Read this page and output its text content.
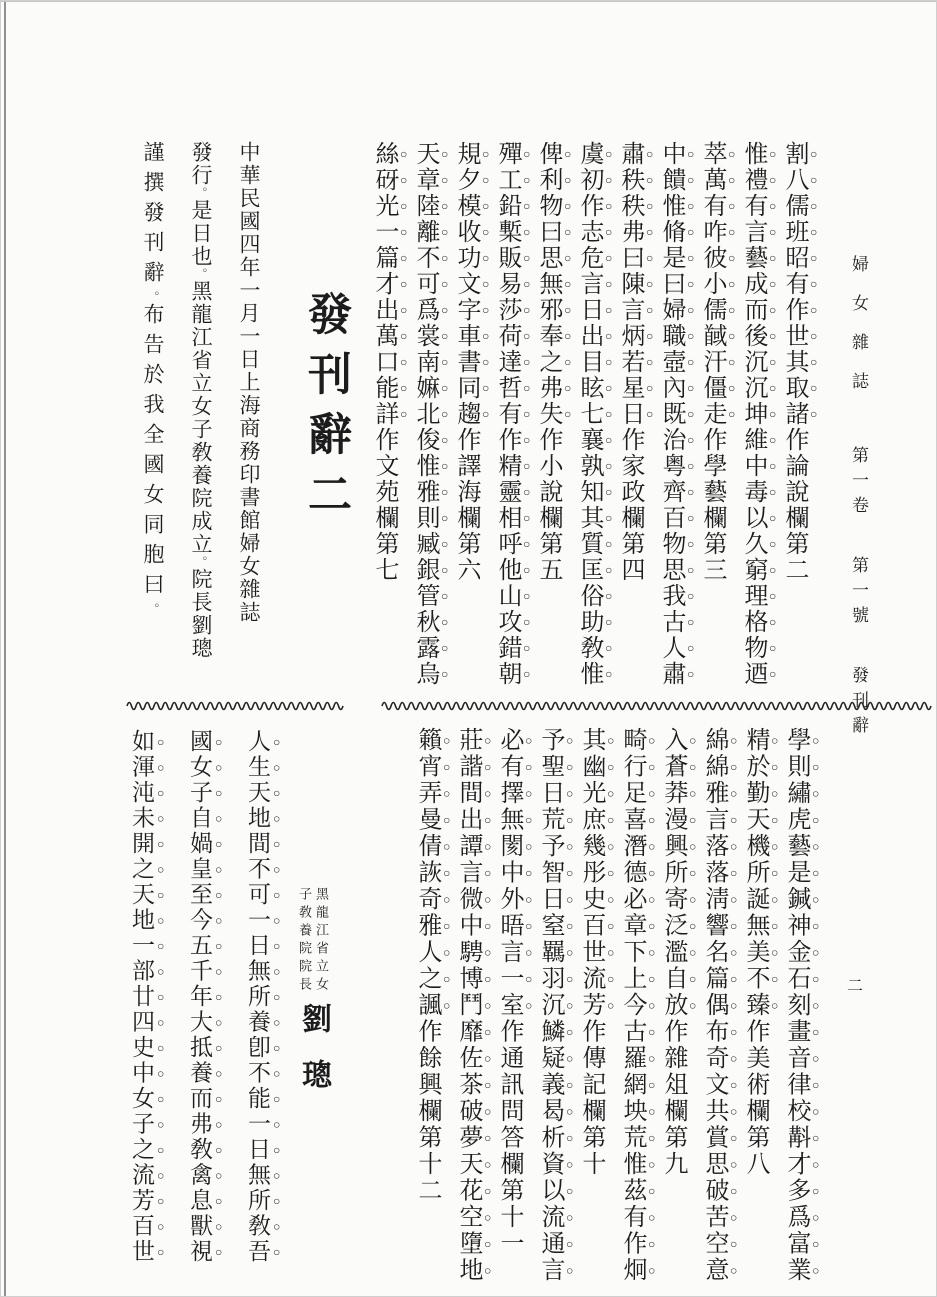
婦女雜誌 第一卷 第一號 發刊辭
割八儒班昭有作世其取諸作論說欄第二
惟禮有言藝成而後沉沉坤維中毒以久窮理格物迺
萃萬有咋彼小儒馘汗僵走作學藝欄第三
中饋惟脩是曰婦職壼內既治粤齊百物思我古人肅
肅秩秩弗曰陳言炳若星日作家政欄第四
虞初作志危言日出目眩七襄孰知其質匡俗助敎惟
俾利物曰思無邪奉之弗失作小說欄第五
殫工鉛槧販易莎荷達哲有作精靈相呼他山攻錯朝
規夕模收功文字車書同趨作譯海欄第六
天章陸離不可爲裳南嫲北俊惟雅則臧銀管秋露烏
絲砑光一篇才出萬口能詳作文苑欄第七
發刊辭二
中華民國四年一月一日上海商務印書館婦女雜誌
發行。是日也。黑龍江省立女子敎養院成立。院長劉璁
謹撰發刊辭。布告於我全國女同胞曰。
二
學則繡虎藝是鍼神金石刻畫音律校斠才多爲富業
精於勤天機所誕無美不臻作美術欄第八
綿綿雅言落落淸響名篇偶布奇文共賞思破苦空意
入蒼莽漫興所寄泛濫自放作雜俎欄第九
畸行足喜潛德必章下上今古羅網坱荒惟茲有作炯
其幽光庶幾彤史百世流芳作傳記欄第十
予聖日荒予智日窒羈羽沉鱗疑義曷析資以流通言
必有擇無閡中外晤言一室作通訊問答欄第十一
莊諧間出譚言微中騁博鬥靡佐茶破夢天花空墮地
籟宵弄曼倩詼奇雅人之諷作餘興欄第十二
人生天地間不可一日無所養卽不能一日無所敎吾
國女子自媧皇至今五千年大抵養而弗敎禽息獸視
如渾沌未開之天地一部廿四史中女子之流芳百世
黑龍江省立女
子敎養院院長
劉璁
